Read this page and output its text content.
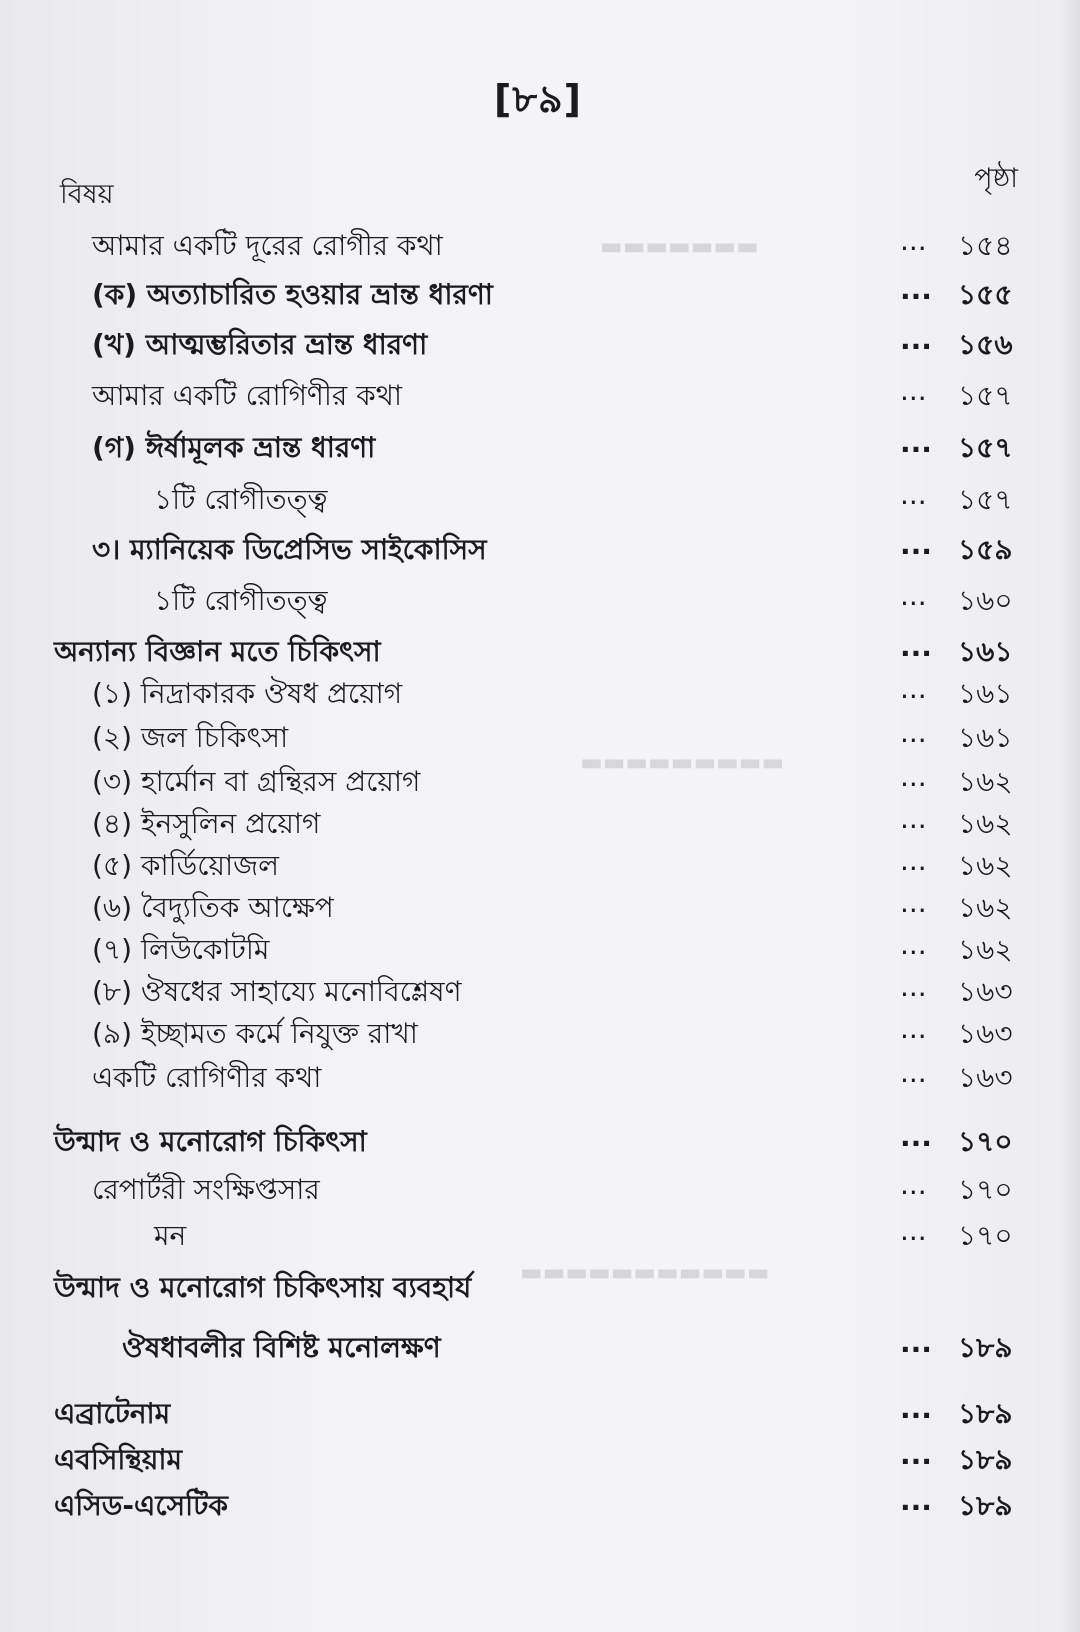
▬▬▬▬▬▬▬
▬▬▬▬▬▬▬▬▬
▬▬▬▬▬▬▬▬▬▬▬
[৮৯]
বিষয়
পৃষ্ঠা
আমার একটি দূরের রোগীর কথা	... ১৫৪
(ক) অত্যাচারিত হওয়ার ভ্রান্ত ধারণা	... ১৫৫
(খ) আত্মম্ভরিতার ভ্রান্ত ধারণা	... ১৫৬
আমার একটি রোগিণীর কথা	... ১৫৭
(গ) ঈর্ষামূলক ভ্রান্ত ধারণা	... ১৫৭
১টি রোগীতত্ত্ব	... ১৫৭
৩। ম্যানিয়েক ডিপ্রেসিভ সাইকোসিস	... ১৫৯
১টি রোগীতত্ত্ব	... ১৬০
অন্যান্য বিজ্ঞান মতে চিকিৎসা	... ১৬১
(১) নিদ্রাকারক ঔষধ প্রয়োগ	... ১৬১
(২) জল চিকিৎসা	... ১৬১
(৩) হার্মোন বা গ্রন্থিরস প্রয়োগ	... ১৬২
(৪) ইনসুলিন প্রয়োগ	... ১৬২
(৫) কার্ডিয়োজল	... ১৬২
(৬) বৈদ্যুতিক আক্ষেপ	... ১৬২
(৭) লিউকোটমি	... ১৬২
(৮) ঔষধের সাহায্যে মনোবিশ্লেষণ	... ১৬৩
(৯) ইচ্ছামত কর্মে নিযুক্ত রাখা	... ১৬৩
একটি রোগিণীর কথা	... ১৬৩
উন্মাদ ও মনোরোগ চিকিৎসা	... ১৭০
রেপার্টরী সংক্ষিপ্তসার	... ১৭০
মন	... ১৭০
উন্মাদ ও মনোরোগ চিকিৎসায় ব্যবহার্য
ঔষধাবলীর বিশিষ্ট মনোলক্ষণ	... ১৮৯
এব্রাটেনাম	... ১৮৯
এবসিন্থিয়াম	... ১৮৯
এসিড-এসেটিক	... ১৮৯
